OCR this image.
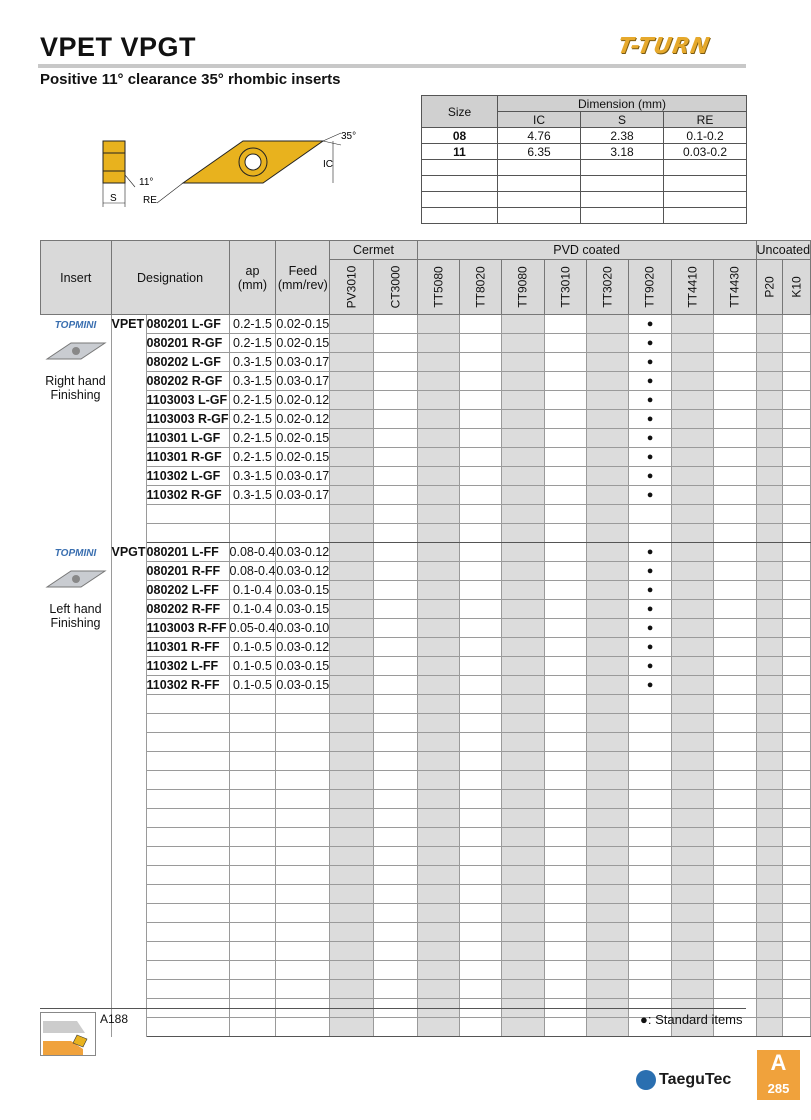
VPET VPGT	T-TURN
Positive 11° clearance 35° rhombic inserts
S
11°
35°
IC
RE
Size	Dimension (mm)		
	IC	S	RE
08	4.76	2.38	0.1-0.2
11	6.35	3.18	0.03-0.2

Insert	Designation		ap (mm)	Feed (mm/rev)	Cermet		PVD coated								Uncoated	
					PV3010	CT3000	TT5080	TT8020	TT9080	TT3010	TT3020	TT9020	TT4410	TT4430	P20	K10

TOPMINI

Right hand
Finishing	VPET	080201 L-GF	0.2-1.5	0.02-0.15								●				
		080201 R-GF	0.2-1.5	0.02-0.15								●				
		080202 L-GF	0.3-1.5	0.03-0.17								●				
		080202 R-GF	0.3-1.5	0.03-0.17								●				
		1103003 L-GF	0.2-1.5	0.02-0.12								●				
		1103003 R-GF	0.2-1.5	0.02-0.12								●				
		110301 L-GF	0.2-1.5	0.02-0.15								●				
		110301 R-GF	0.2-1.5	0.02-0.15								●				
		110302 L-GF	0.3-1.5	0.03-0.17								●				
		110302 R-GF	0.3-1.5	0.03-0.17								●				

TOPMINI

Left hand
Finishing	VPGT	080201 L-FF	0.08-0.4	0.03-0.12								●				
		080201 R-FF	0.08-0.4	0.03-0.12								●				
		080202 L-FF	0.1-0.4	0.03-0.15								●				
		080202 R-FF	0.1-0.4	0.03-0.15								●				
		1103003 R-FF	0.05-0.4	0.03-0.10								●				
		110301 R-FF	0.1-0.5	0.03-0.12								●				
		110302 L-FF	0.1-0.5	0.03-0.15								●				
		110302 R-FF	0.1-0.5	0.03-0.15								●				

A188	●: Standard items
TaeguTec
A
285
